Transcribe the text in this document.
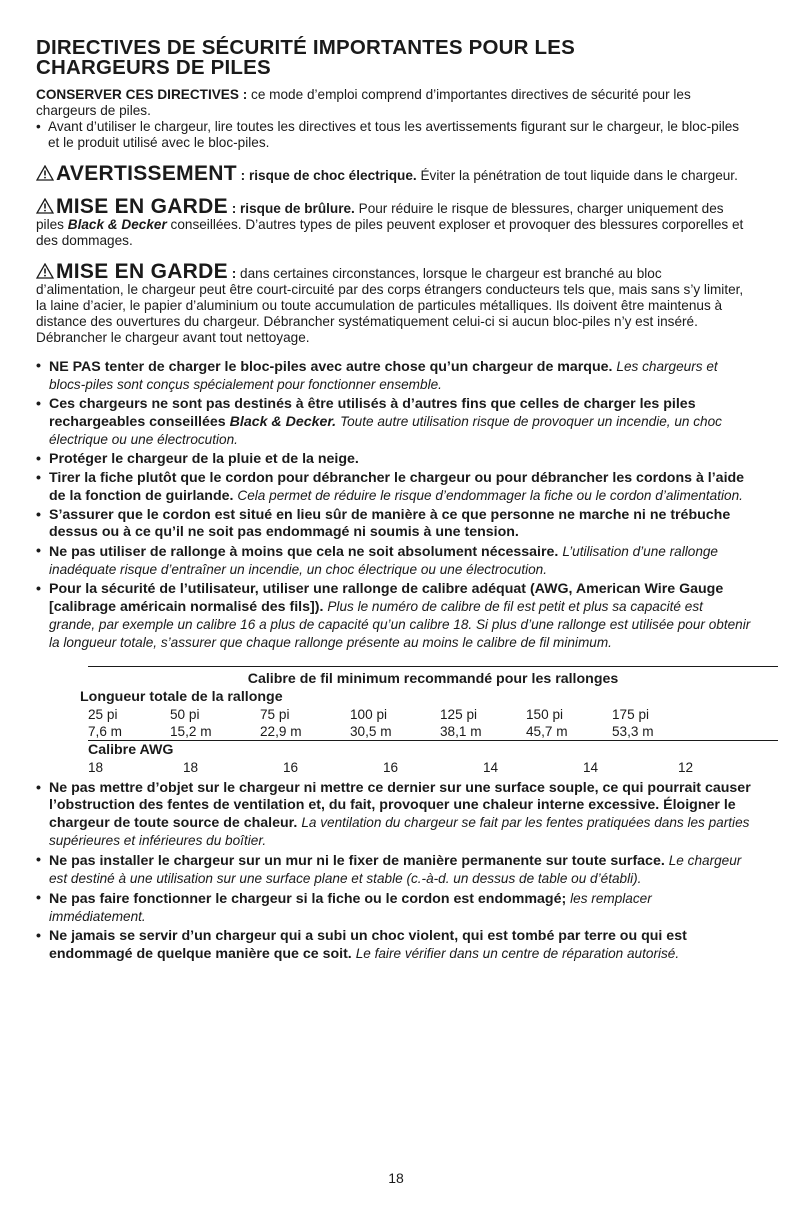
DIRECTIVES DE SÉCURITÉ IMPORTANTES POUR LES
CHARGEURS DE PILES

CONSERVER CES DIRECTIVES : ce mode d’emploi comprend d’importantes directives de sécurité pour les chargeurs de piles.

• Avant d’utiliser le chargeur, lire toutes les directives et tous les avertissements figurant sur le chargeur, le bloc-piles et le produit utilisé avec le bloc-piles.

AVERTISSEMENT : risque de choc électrique. Éviter la pénétration de tout liquide dans le chargeur.

MISE EN GARDE : risque de brûlure. Pour réduire le risque de blessures, charger uniquement des piles Black & Decker conseillées. D’autres types de piles peuvent exploser et provoquer des blessures corporelles et des dommages.

MISE EN GARDE : dans certaines circonstances, lorsque le chargeur est branché au bloc d’alimentation, le chargeur peut être court-circuité par des corps étrangers conducteurs tels que, mais sans s’y limiter, la laine d’acier, le papier d’aluminium ou toute accumulation de particules métalliques. Ils doivent être maintenus à distance des ouvertures du chargeur. Débrancher systématiquement celui-ci si aucun bloc-piles n’y est inséré. Débrancher le chargeur avant tout nettoyage.

• NE PAS tenter de charger le bloc-piles avec autre chose qu’un chargeur de marque. Les chargeurs et blocs-piles sont conçus spécialement pour fonctionner ensemble.
• Ces chargeurs ne sont pas destinés à être utilisés à d’autres fins que celles de charger les piles rechargeables conseillées Black & Decker. Toute autre utilisation risque de provoquer un incendie, un choc électrique ou une électrocution.
• Protéger le chargeur de la pluie et de la neige.
• Tirer la fiche plutôt que le cordon pour débrancher le chargeur ou pour débrancher les cordons à l’aide de la fonction de guirlande. Cela permet de réduire le risque d’endommager la fiche ou le cordon d’alimentation.
• S’assurer que le cordon est situé en lieu sûr de manière à ce que personne ne marche ni ne trébuche dessus ou à ce qu’il ne soit pas endommagé ni soumis à une tension.
• Ne pas utiliser de rallonge à moins que cela ne soit absolument nécessaire. L’utilisation d’une rallonge inadéquate risque d’entraîner un incendie, un choc électrique ou une électrocution.
• Pour la sécurité de l’utilisateur, utiliser une rallonge de calibre adéquat (AWG, American Wire Gauge [calibrage américain normalisé des fils]). Plus le numéro de calibre de fil est petit et plus sa capacité est grande, par exemple un calibre 16 a plus de capacité qu’un calibre 18. Si plus d’une rallonge est utilisée pour obtenir la longueur totale, s’assurer que chaque rallonge présente au moins le calibre de fil minimum.
Calibre de fil minimum recommandé pour les rallonges
Longueur totale de la rallonge
25 pi	50 pi	75 pi	100 pi	125 pi	150 pi	175 pi
7,6 m	15,2 m	22,9 m	30,5 m	38,1 m	45,7 m	53,3 m
Calibre AWG
18	18	16	16	14	14	12
• Ne pas mettre d’objet sur le chargeur ni mettre ce dernier sur une surface souple, ce qui pourrait causer l’obstruction des fentes de ventilation et, du fait, provoquer une chaleur interne excessive. Éloigner le chargeur de toute source de chaleur. La ventilation du chargeur se fait par les fentes pratiquées dans les parties supérieures et inférieures du boîtier.
• Ne pas installer le chargeur sur un mur ni le fixer de manière permanente sur toute surface. Le chargeur est destiné à une utilisation sur une surface plane et stable (c.-à-d. un dessus de table ou d’établi).
• Ne pas faire fonctionner le chargeur si la fiche ou le cordon est endommagé; les remplacer immédiatement.
• Ne jamais se servir d’un chargeur qui a subi un choc violent, qui est tombé par terre ou qui est endommagé de quelque manière que ce soit. Le faire vérifier dans un centre de réparation autorisé.
18
